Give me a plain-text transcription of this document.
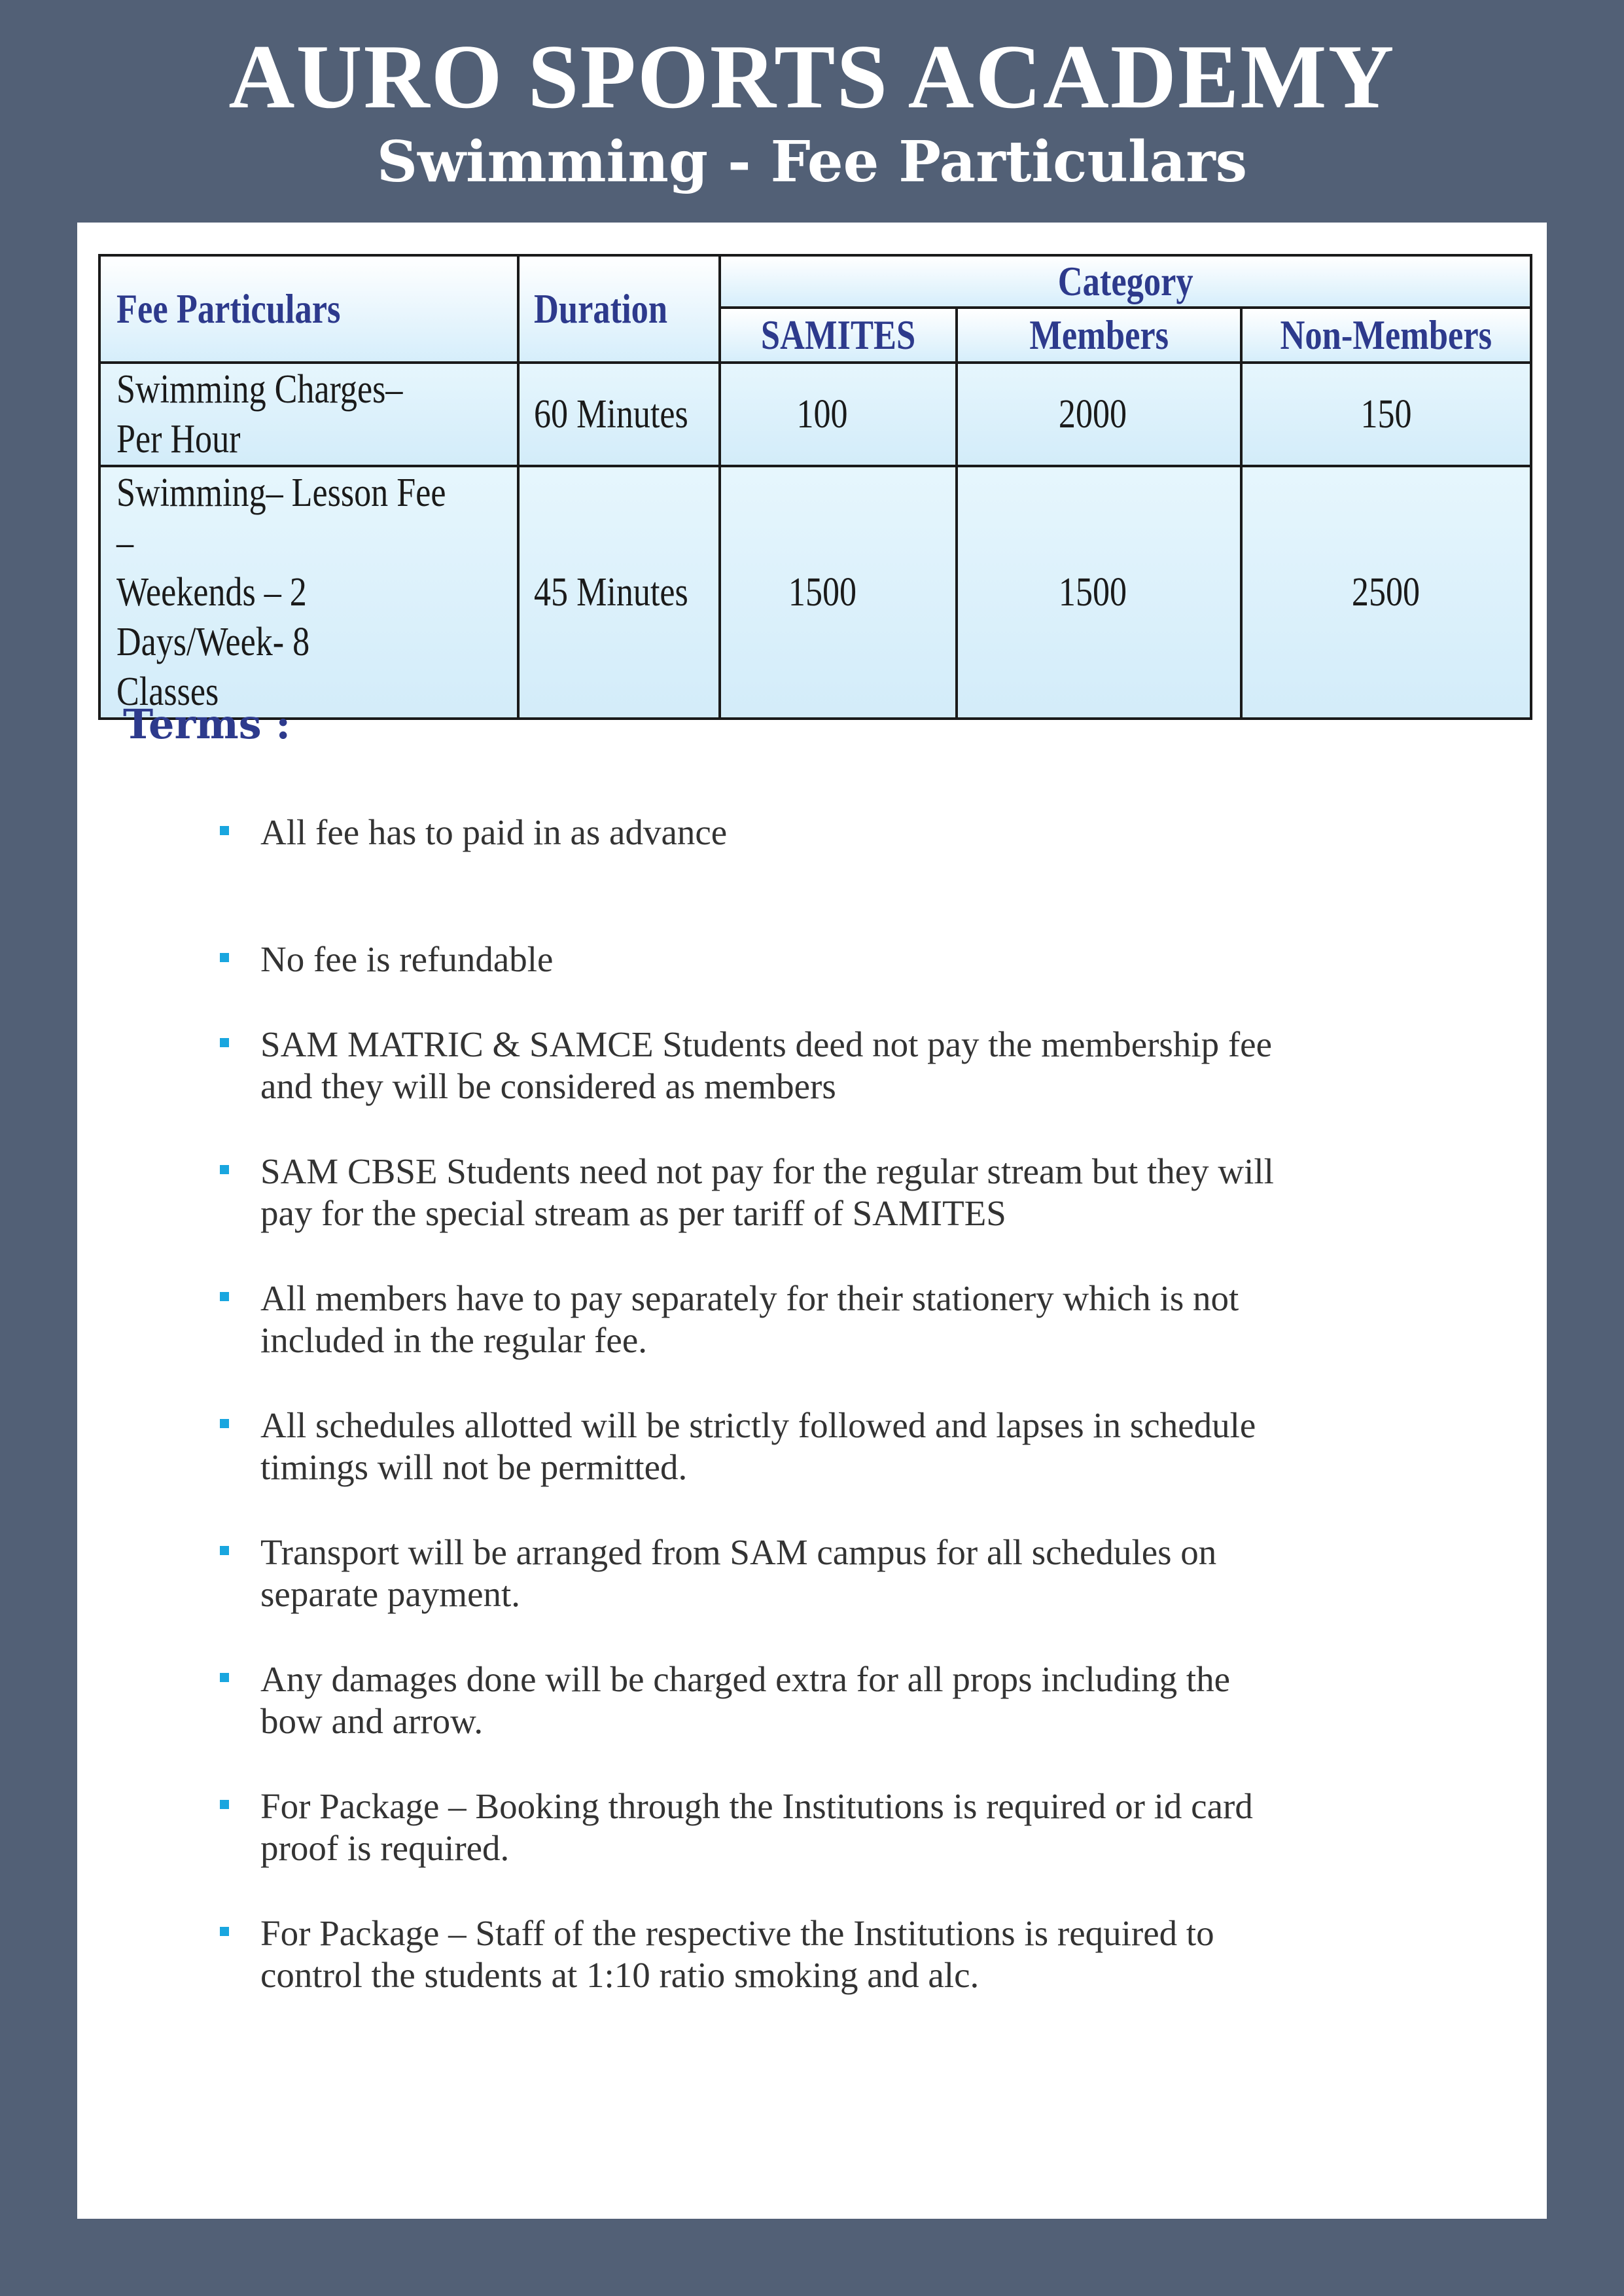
AURO SPORTS ACADEMY
Swimming - Fee Particulars
Fee Particulars	Duration	Category		
		SAMITES	Members	Non-Members
Swimming Charges–
Per Hour	60 Minutes	100	2000	150
Swimming– Lesson Fee –
Weekends – 2 Days/Week- 8
Classes	45 Minutes	1500	1500	2500
Terms :
All fee has to paid in as advance
No fee is refundable
SAM MATRIC & SAMCE Students deed not pay the membership fee
and they will be considered as members
SAM CBSE Students need not pay for the regular stream but they will
pay for the special stream as per tariff of SAMITES
All members have to pay separately for their stationery which is not
included in the regular fee.
All schedules allotted will be strictly followed and lapses in schedule
timings will not be permitted.
Transport will be arranged from SAM campus for all schedules on
separate payment.
Any damages done will be charged extra for all props including the
bow and arrow.
For Package – Booking through the Institutions is required or id card
proof is required.
For Package – Staff of the respective the Institutions is required to
control the students at 1:10 ratio smoking and alc.
